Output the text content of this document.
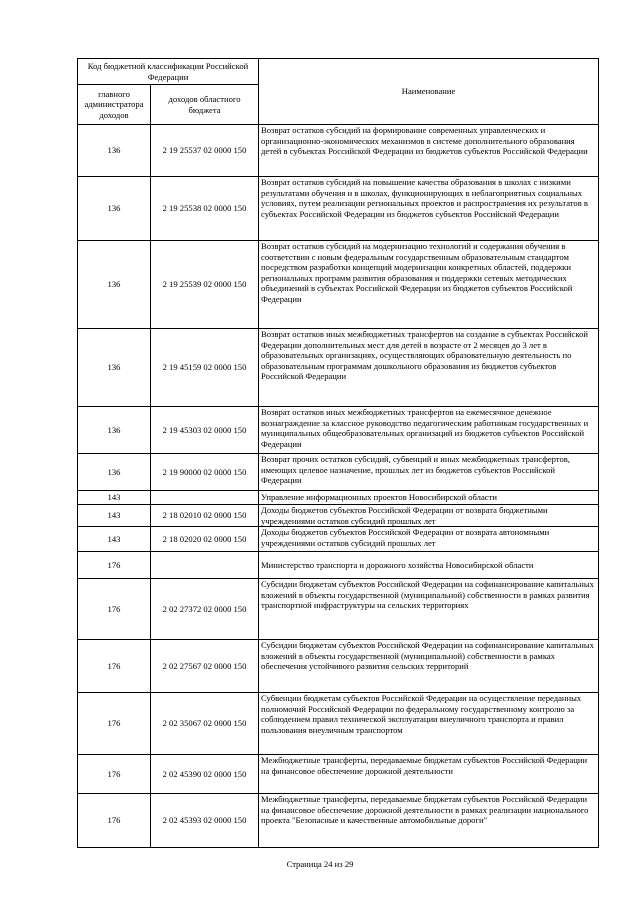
Код бюджетной классификации Российской Федерации		Наименование
главного администратора доходов	доходов областного бюджета	
136	2 19 25537 02 0000 150	Возврат остатков субсидий на формирование современных управленческих и организационно-экономических механизмов в системе дополнительного образования детей в субъектах Российской Федерации из бюджетов субъектов Российской Федерации
136	2 19 25538 02 0000 150	Возврат остатков субсидий на повышение качества образования в школах с низкими результатами обучения и в школах, функционирующих в неблагоприятных социальных условиях, путем реализации региональных проектов и распространения их результатов в субъектах Российской Федерации из бюджетов субъектов Российской Федерации
136	2 19 25539 02 0000 150	Возврат остатков субсидий на модернизацию технологий и содержания обучения в соответствии с новым федеральным государственным образовательным стандартом посредством разработки концепций модернизации конкретных областей, поддержки региональных программ развития образования и поддержки сетевых методических объединений в субъектах Российской Федерации из бюджетов субъектов Российской Федерации
136	2 19 45159 02 0000 150	Возврат остатков иных межбюджетных трансфертов на создание в субъектах Российской Федерации дополнительных мест для детей в возрасте от 2 месяцев до 3 лет в образовательных организациях, осуществляющих образовательную деятельность по образовательным программам дошкольного образования из бюджетов субъектов Российской Федерации
136	2 19 45303 02 0000 150	Возврат остатков иных межбюджетных трансфертов на ежемесячное денежное вознаграждение за классное руководство педагогическим работникам государственных и муниципальных общеобразовательных организаций из бюджетов субъектов Российской Федерации
136	2 19 90000 02 0000 150	Возврат прочих остатков субсидий, субвенций и иных межбюджетных трансфертов, имеющих целевое назначение, прошлых лет из бюджетов субъектов Российской Федерации
143		Управление информационных проектов Новосибирской области
143	2 18 02010 02 0000 150	Доходы бюджетов субъектов Российской Федерации от возврата бюджетными учреждениями остатков субсидий прошлых лет
143	2 18 02020 02 0000 150	Доходы бюджетов субъектов Российской Федерации от возврата автономными учреждениями остатков субсидий прошлых лет
176		Министерство транспорта и дорожного хозяйства Новосибирской области
176	2 02 27372 02 0000 150	Субсидии бюджетам субъектов Российской Федерации на софинансирование капитальных вложений в объекты государственной (муниципальной) собственности в рамках развития транспортной инфраструктуры на сельских территориях
176	2 02 27567 02 0000 150	Субсидии бюджетам субъектов Российской Федерации на софинансирование капитальных вложений в объекты государственной (муниципальной) собственности в рамках обеспечения устойчивого развития сельских территорий
176	2 02 35067 02 0000 150	Субвенции бюджетам субъектов Российской Федерации на осуществление переданных полномочий Российской Федерации по федеральному государственному контролю за соблюдением правил технической эксплуатации внеуличного транспорта и правил пользования внеуличным транспортом
176	2 02 45390 02 0000 150	Межбюджетные трансферты, передаваемые бюджетам субъектов Российской Федерации на финансовое обеспечение дорожной деятельности
176	2 02 45393 02 0000 150	Межбюджетные трансферты, передаваемые бюджетам субъектов Российской Федерации на финансовое обеспечение дорожной деятельности в рамках реализации национального проекта "Безопасные и качественные автомобильные дороги"
Страница 24 из 29
